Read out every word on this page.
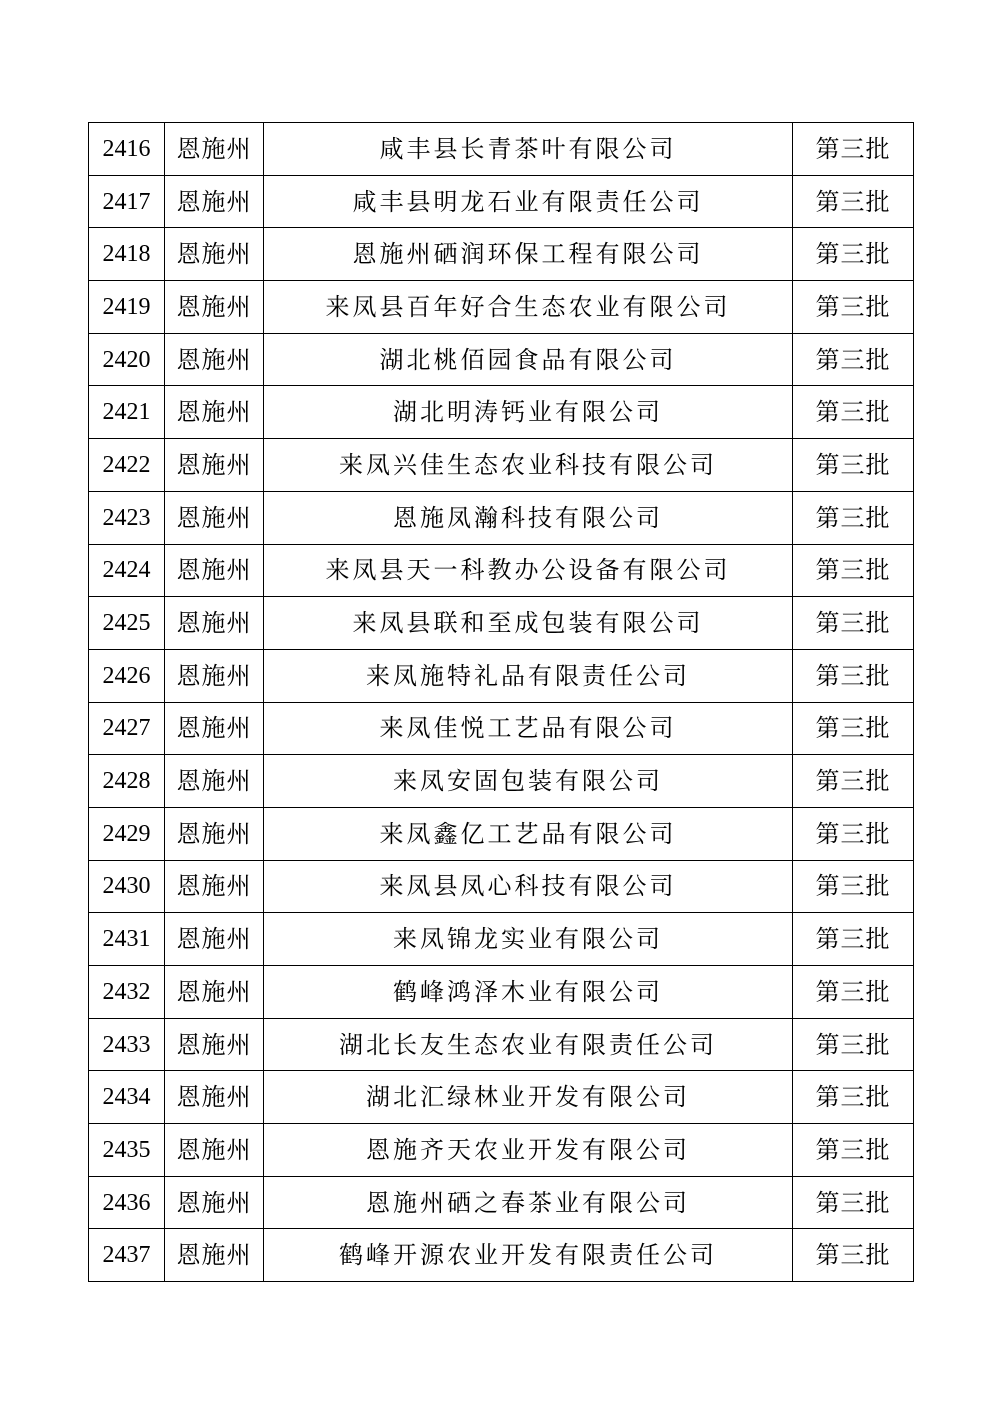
2416	恩施州	咸丰县长青茶叶有限公司	第三批
2417	恩施州	咸丰县明龙石业有限责任公司	第三批
2418	恩施州	恩施州硒润环保工程有限公司	第三批
2419	恩施州	来凤县百年好合生态农业有限公司	第三批
2420	恩施州	湖北桃佰园食品有限公司	第三批
2421	恩施州	湖北明涛钙业有限公司	第三批
2422	恩施州	来凤兴佳生态农业科技有限公司	第三批
2423	恩施州	恩施凤瀚科技有限公司	第三批
2424	恩施州	来凤县天一科教办公设备有限公司	第三批
2425	恩施州	来凤县联和至成包装有限公司	第三批
2426	恩施州	来凤施特礼品有限责任公司	第三批
2427	恩施州	来凤佳悦工艺品有限公司	第三批
2428	恩施州	来凤安固包装有限公司	第三批
2429	恩施州	来凤鑫亿工艺品有限公司	第三批
2430	恩施州	来凤县凤心科技有限公司	第三批
2431	恩施州	来凤锦龙实业有限公司	第三批
2432	恩施州	鹤峰鸿泽木业有限公司	第三批
2433	恩施州	湖北长友生态农业有限责任公司	第三批
2434	恩施州	湖北汇绿林业开发有限公司	第三批
2435	恩施州	恩施齐天农业开发有限公司	第三批
2436	恩施州	恩施州硒之春茶业有限公司	第三批
2437	恩施州	鹤峰开源农业开发有限责任公司	第三批
